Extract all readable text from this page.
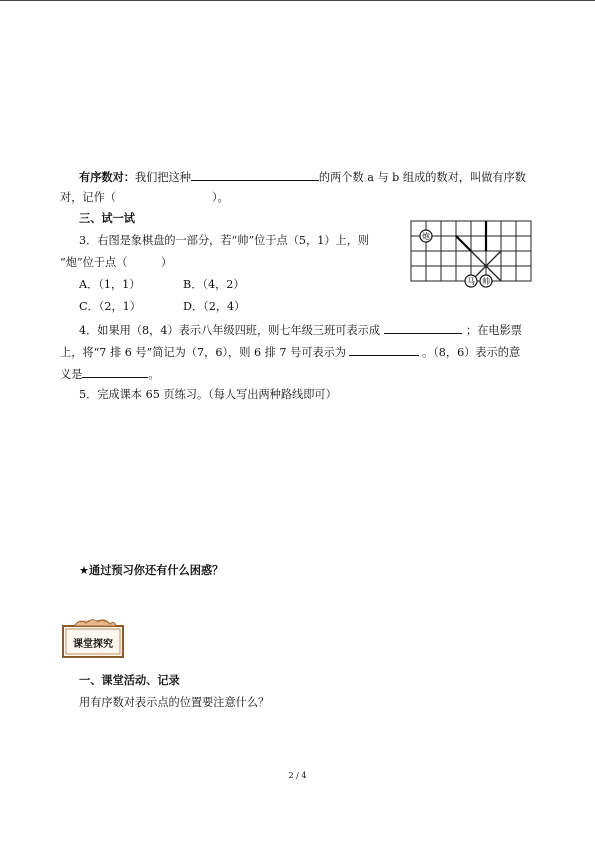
有序数对：我们把这种	的两个数 a 与 b 组成的数对，叫做有序数
对，记作（	）。
三、试一试
3．右图是象棋盘的一部分，若“帅”位于点（5，1）上，则
“炮”位于点（　　　）
A．（1，1）	B．（4，2）
C．（2，1）	D．（2，4）
炮
马 帅
4．如果用（8，4）表示八年级四班，则七年级三班可表示成	；在电影票
上，将“7 排 6 号”简记为（7，6），则 6 排 7 号可表示为	。（8，6）表示的意
义是	。
5．完成课本 65 页练习。（每人写出两种路线即可）
★通过预习你还有什么困惑？
课堂探究
一、课堂活动、记录
用有序数对表示点的位置要注意什么？
2 / 4
